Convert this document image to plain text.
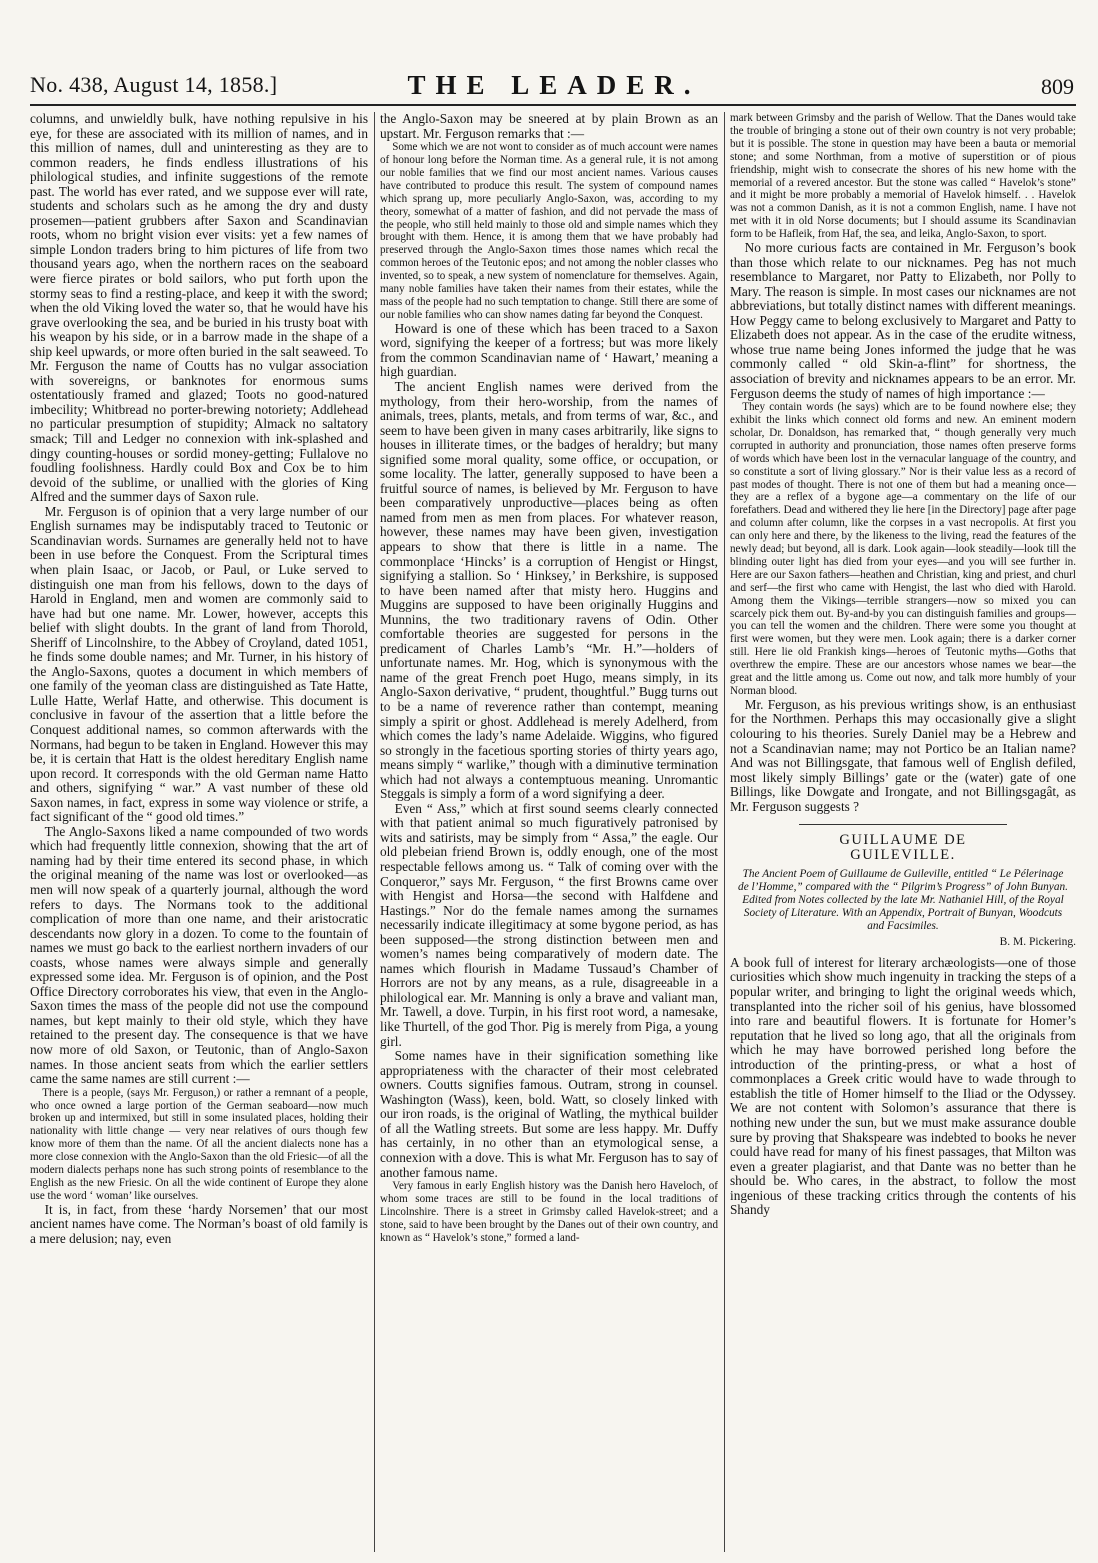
No. 438, August 14, 1858.]	THE LEADER.	809

columns, and unwieldly bulk, have nothing repulsive in his eye, for these are associated with its million of names, and in this million of names, dull and uninteresting as they are to common readers, he finds endless illustrations of his philological studies, and infinite suggestions of the remote past. The world has ever rated, and we suppose ever will rate, students and scholars such as he among the dry and dusty prosemen—patient grubbers after Saxon and Scandinavian roots, whom no bright vision ever visits: yet a few names of simple London traders bring to him pictures of life from two thousand years ago, when the northern races on the seaboard were fierce pirates or bold sailors, who put forth upon the stormy seas to find a resting-place, and keep it with the sword; when the old Viking loved the water so, that he would have his grave overlooking the sea, and be buried in his trusty boat with his weapon by his side, or in a barrow made in the shape of a ship keel upwards, or more often buried in the salt seaweed. To Mr. Ferguson the name of Coutts has no vulgar association with sovereigns, or banknotes for enormous sums ostentatiously framed and glazed; Toots no good-natured imbecility; Whitbread no porter-brewing notoriety; Addlehead no particular presumption of stupidity; Almack no saltatory smack; Till and Ledger no connexion with ink-splashed and dingy counting-houses or sordid money-getting; Fullalove no foudling foolishness. Hardly could Box and Cox be to him devoid of the sublime, or unallied with the glories of King Alfred and the summer days of Saxon rule.

Mr. Ferguson is of opinion that a very large number of our English surnames may be indisputably traced to Teutonic or Scandinavian words. Surnames are generally held not to have been in use before the Conquest. From the Scriptural times when plain Isaac, or Jacob, or Paul, or Luke served to distinguish one man from his fellows, down to the days of Harold in England, men and women are commonly said to have had but one name. Mr. Lower, however, accepts this belief with slight doubts. In the grant of land from Thorold, Sheriff of Lincolnshire, to the Abbey of Croyland, dated 1051, he finds some double names; and Mr. Turner, in his history of the Anglo-Saxons, quotes a document in which members of one family of the yeoman class are distinguished as Tate Hatte, Lulle Hatte, Werlaf Hatte, and otherwise. This document is conclusive in favour of the assertion that a little before the Conquest additional names, so common afterwards with the Normans, had begun to be taken in England. However this may be, it is certain that Hatt is the oldest hereditary English name upon record. It corresponds with the old German name Hatto and others, signifying “ war.” A vast number of these old Saxon names, in fact, express in some way violence or strife, a fact significant of the “ good old times.”

The Anglo-Saxons liked a name compounded of two words which had frequently little connexion, showing that the art of naming had by their time entered its second phase, in which the original meaning of the name was lost or overlooked—as men will now speak of a quarterly journal, although the word refers to days. The Normans took to the additional complication of more than one name, and their aristocratic descendants now glory in a dozen. To come to the fountain of names we must go back to the earliest northern invaders of our coasts, whose names were always simple and generally expressed some idea. Mr. Ferguson is of opinion, and the Post Office Directory corroborates his view, that even in the Anglo-Saxon times the mass of the people did not use the compound names, but kept mainly to their old style, which they have retained to the present day. The consequence is that we have now more of old Saxon, or Teutonic, than of Anglo-Saxon names. In those ancient seats from which the earlier settlers came the same names are still current :—

There is a people, (says Mr. Ferguson,) or rather a remnant of a people, who once owned a large portion of the German seaboard—now much broken up and intermixed, but still in some insulated places, holding their nationality with little change — very near relatives of ours though few know more of them than the name. Of all the ancient dialects none has a more close connexion with the Anglo-Saxon than the old Friesic—of all the modern dialects perhaps none has such strong points of resemblance to the English as the new Friesic. On all the wide continent of Europe they alone use the word ‘ woman’ like ourselves.

It is, in fact, from these ‘hardy Norsemen’ that our most ancient names have come. The Norman’s boast of old family is a mere delusion; nay, even

the Anglo-Saxon may be sneered at by plain Brown as an upstart. Mr. Ferguson remarks that :—

Some which we are not wont to consider as of much account were names of honour long before the Norman time. As a general rule, it is not among our noble families that we find our most ancient names. Various causes have contributed to produce this result. The system of compound names which sprang up, more peculiarly Anglo-Saxon, was, according to my theory, somewhat of a matter of fashion, and did not pervade the mass of the people, who still held mainly to those old and simple names which they brought with them. Hence, it is among them that we have probably had preserved through the Anglo-Saxon times those names which recal the common heroes of the Teutonic epos; and not among the nobler classes who invented, so to speak, a new system of nomenclature for themselves. Again, many noble families have taken their names from their estates, while the mass of the people had no such temptation to change. Still there are some of our noble families who can show names dating far beyond the Conquest.

Howard is one of these which has been traced to a Saxon word, signifying the keeper of a fortress; but was more likely from the common Scandinavian name of ‘ Hawart,’ meaning a high guardian.

The ancient English names were derived from the mythology, from their hero-worship, from the names of animals, trees, plants, metals, and from terms of war, &c., and seem to have been given in many cases arbitrarily, like signs to houses in illiterate times, or the badges of heraldry; but many signified some moral quality, some office, or occupation, or some locality. The latter, generally supposed to have been a fruitful source of names, is believed by Mr. Ferguson to have been comparatively unproductive—places being as often named from men as men from places. For whatever reason, however, these names may have been given, investigation appears to show that there is little in a name. The commonplace ‘Hincks’ is a corruption of Hengist or Hingst, signifying a stallion. So ‘ Hinksey,’ in Berkshire, is supposed to have been named after that misty hero. Huggins and Muggins are supposed to have been originally Huggins and Munnins, the two traditionary ravens of Odin. Other comfortable theories are suggested for persons in the predicament of Charles Lamb’s “Mr. H.”—holders of unfortunate names. Mr. Hog, which is synonymous with the name of the great French poet Hugo, means simply, in its Anglo-Saxon derivative, “ prudent, thoughtful.” Bugg turns out to be a name of reverence rather than contempt, meaning simply a spirit or ghost. Addlehead is merely Adelherd, from which comes the lady’s name Adelaide. Wiggins, who figured so strongly in the facetious sporting stories of thirty years ago, means simply “ warlike,” though with a diminutive termination which had not always a contemptuous meaning. Unromantic Steggals is simply a form of a word signifying a deer.

Even “ Ass,” which at first sound seems clearly connected with that patient animal so much figuratively patronised by wits and satirists, may be simply from “ Assa,” the eagle. Our old plebeian friend Brown is, oddly enough, one of the most respectable fellows among us. “ Talk of coming over with the Conqueror,” says Mr. Ferguson, “ the first Browns came over with Hengist and Horsa—the second with Halfdene and Hastings.” Nor do the female names among the surnames necessarily indicate illegitimacy at some bygone period, as has been supposed—the strong distinction between men and women’s names being comparatively of modern date. The names which flourish in Madame Tussaud’s Chamber of Horrors are not by any means, as a rule, disagreeable in a philological ear. Mr. Manning is only a brave and valiant man, Mr. Tawell, a dove. Turpin, in his first root word, a namesake, like Thurtell, of the god Thor. Pig is merely from Piga, a young girl.

Some names have in their signification something like appropriateness with the character of their most celebrated owners. Coutts signifies famous. Outram, strong in counsel. Washington (Wass), keen, bold. Watt, so closely linked with our iron roads, is the original of Watling, the mythical builder of all the Watling streets. But some are less happy. Mr. Duffy has certainly, in no other than an etymological sense, a connexion with a dove. This is what Mr. Ferguson has to say of another famous name.

Very famous in early English history was the Danish hero Haveloch, of whom some traces are still to be found in the local traditions of Lincolnshire. There is a street in Grimsby called Havelok-street; and a stone, said to have been brought by the Danes out of their own country, and known as “ Havelok’s stone,” formed a land-

mark between Grimsby and the parish of Wellow. That the Danes would take the trouble of bringing a stone out of their own country is not very probable; but it is possible. The stone in question may have been a bauta or memorial stone; and some Northman, from a motive of superstition or of pious friendship, might wish to consecrate the shores of his new home with the memorial of a revered ancestor. But the stone was called “ Havelok’s stone” and it might be more probably a memorial of Havelok himself. . . Havelok was not a common Danish, as it is not a common English, name. I have not met with it in old Norse documents; but I should assume its Scandinavian form to be Hafleik, from Haf, the sea, and leika, Anglo-Saxon, to sport.

No more curious facts are contained in Mr. Ferguson’s book than those which relate to our nicknames. Peg has not much resemblance to Margaret, nor Patty to Elizabeth, nor Polly to Mary. The reason is simple. In most cases our nicknames are not abbreviations, but totally distinct names with different meanings. How Peggy came to belong exclusively to Margaret and Patty to Elizabeth does not appear. As in the case of the erudite witness, whose true name being Jones informed the judge that he was commonly called “ old Skin-a-flint” for shortness, the association of brevity and nicknames appears to be an error. Mr. Ferguson deems the study of names of high importance :—

They contain words (he says) which are to be found nowhere else; they exhibit the links which connect old forms and new. An eminent modern scholar, Dr. Donaldson, has remarked that, “ though generally very much corrupted in authority and pronunciation, those names often preserve forms of words which have been lost in the vernacular language of the country, and so constitute a sort of living glossary.” Nor is their value less as a record of past modes of thought. There is not one of them but had a meaning once—they are a reflex of a bygone age—a commentary on the life of our forefathers. Dead and withered they lie here [in the Directory] page after page and column after column, like the corpses in a vast necropolis. At first you can only here and there, by the likeness to the living, read the features of the newly dead; but beyond, all is dark. Look again—look steadily—look till the blinding outer light has died from your eyes—and you will see further in. Here are our Saxon fathers—heathen and Christian, king and priest, and churl and serf—the first who came with Hengist, the last who died with Harold. Among them the Vikings—terrible strangers—now so mixed you can scarcely pick them out. By-and-by you can distinguish families and groups—you can tell the women and the children. There were some you thought at first were women, but they were men. Look again; there is a darker corner still. Here lie old Frankish kings—heroes of Teutonic myths—Goths that overthrew the empire. These are our ancestors whose names we bear—the great and the little among us. Come out now, and talk more humbly of your Norman blood.

Mr. Ferguson, as his previous writings show, is an enthusiast for the Northmen. Perhaps this may occasionally give a slight colouring to his theories. Surely Daniel may be a Hebrew and not a Scandinavian name; may not Portico be an Italian name? And was not Billingsgate, that famous well of English defiled, most likely simply Billings’ gate or the (water) gate of one Billings, like Dowgate and Irongate, and not Billingsgagât, as Mr. Ferguson suggests ?

GUILLAUME DE GUILEVILLE.
The Ancient Poem of Guillaume de Guileville, entitled “ Le Pélerinage de l’Homme,” compared with the “ Pilgrim’s Progress” of John Bunyan. Edited from Notes collected by the late Mr. Nathaniel Hill, of the Royal Society of Literature. With an Appendix, Portrait of Bunyan, Woodcuts and Facsimiles.
B. M. Pickering.

A book full of interest for literary archæologists—one of those curiosities which show much ingenuity in tracking the steps of a popular writer, and bringing to light the original weeds which, transplanted into the richer soil of his genius, have blossomed into rare and beautiful flowers. It is fortunate for Homer’s reputation that he lived so long ago, that all the originals from which he may have borrowed perished long before the introduction of the printing-press, or what a host of commonplaces a Greek critic would have to wade through to establish the title of Homer himself to the Iliad or the Odyssey. We are not content with Solomon’s assurance that there is nothing new under the sun, but we must make assurance double sure by proving that Shakspeare was indebted to books he never could have read for many of his finest passages, that Milton was even a greater plagiarist, and that Dante was no better than he should be. Who cares, in the abstract, to follow the most ingenious of these tracking critics through the contents of his Shandy
